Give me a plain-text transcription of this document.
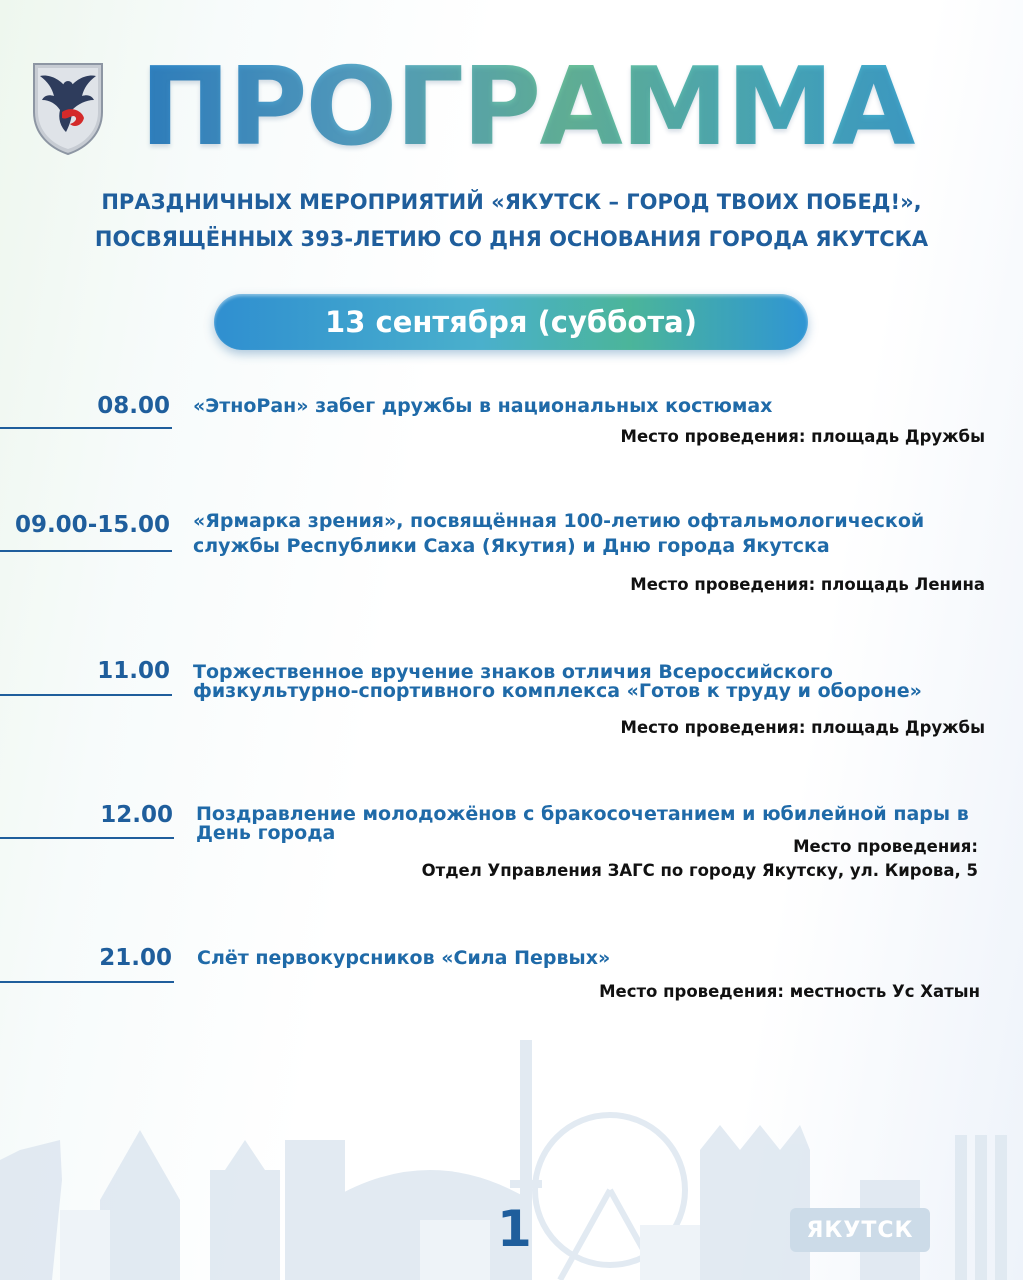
ПРОГРАММА

ПРАЗДНИЧНЫХ МЕРОПРИЯТИЙ «ЯКУТСК – ГОРОД ТВОИХ ПОБЕД!»,

ПОСВЯЩЁННЫХ 393-ЛЕТИЮ СО ДНЯ ОСНОВАНИЯ ГОРОДА ЯКУТСКА

13 сентября (суббота)
08.00 «ЭтноРан» забег дружбы в национальных костюмах

Место проведения: площадь Дружбы
09.00-15.00 «Ярмарка зрения», посвящённая 100-летию офтальмологической

службы Республики Саха (Якутия) и Дню города Якутска

Место проведения: площадь Ленина
11.00 Торжественное вручение знаков отличия Всероссийского

физкультурно-спортивного комплекса «Готов к труду и обороне»

Место проведения: площадь Дружбы
12.00 Поздравление молодожёнов с бракосочетанием и юбилейной пары в

День города

Место проведения:
Отдел Управления ЗАГС по городу Якутску, ул. Кирова, 5
21.00 Слёт первокурсников «Сила Первых»

Место проведения: местность Ус Хатын
1	ЯКУТСК
